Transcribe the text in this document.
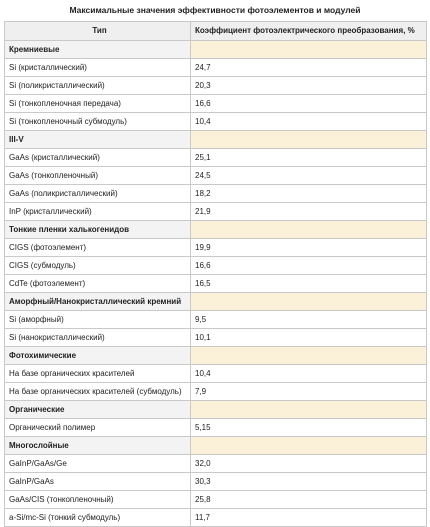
Максимальные значения эффективности фотоэлементов и модулей
Тип	Коэффициент фотоэлектрического преобразования, %
Кремниевые	
Si (кристаллический)	24,7
Si (поликристаллический)	20,3
Si (тонкопленочная передача)	16,6
Si (тонкопленочный субмодуль)	10,4
III-V	
GaAs (кристаллический)	25,1
GaAs (тонкопленочный)	24,5
GaAs (поликристаллический)	18,2
InP (кристаллический)	21,9
Тонкие пленки халькогенидов	
CIGS (фотоэлемент)	19,9
CIGS (субмодуль)	16,6
CdTe (фотоэлемент)	16,5
Аморфный/Нанокристаллический кремний	
Si (аморфный)	9,5
Si (нанокристаллический)	10,1
Фотохимические	
На базе органических красителей	10,4
На базе органических красителей (субмодуль)	7,9
Органические	
Органический полимер	5,15
Многослойные	
GaInP/GaAs/Ge	32,0
GaInP/GaAs	30,3
GaAs/CIS (тонкопленочный)	25,8
a-Si/mc-Si (тонкий субмодуль)	11,7
